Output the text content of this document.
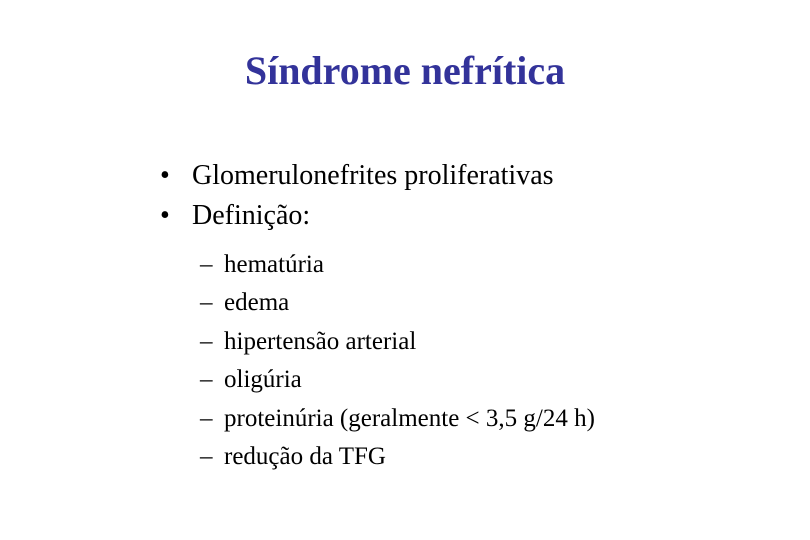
Síndrome nefrítica
• Glomerulonefrites proliferativas
• Definição:
– hematúria
– edema
– hipertensão arterial
– oligúria
– proteinúria (geralmente < 3,5 g/24 h)
– redução da TFG
